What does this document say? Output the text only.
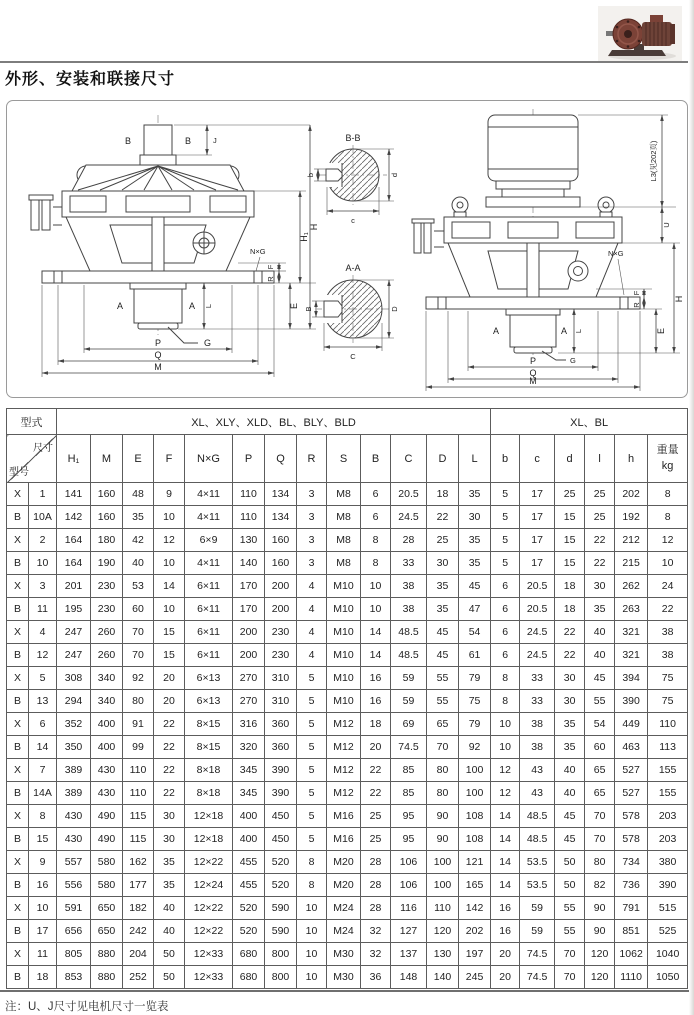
外形、安装和联接尺寸
B	B	J
A	A L
G
P
Q
M
N×G
F
R
E
H₁
H
B-B
b	d
c
A-A
B	D
C
A	A L
G
P
Q
M
L3(见202页)
U
H
N×G
F
R
E
型式		XL、XLY、XLD、BL、BLY、BLD													XL、BL					

尺寸
型号		H₁	M	E	F	N×G	P	Q	R	S	B	C	D	L	b	c	d	l	h	重量
kg

X	1	141	160	48	9	4×11	110	134	3	M8	6	20.5	18	35	5	17	25	25	202	8
B	10A	142	160	35	10	4×11	110	134	3	M8	6	24.5	22	30	5	17	15	25	192	8
X	2	164	180	42	12	6×9	130	160	3	M8	8	28	25	35	5	17	15	22	212	12
B	10	164	190	40	10	4×11	140	160	3	M8	8	33	30	35	5	17	15	22	215	10
X	3	201	230	53	14	6×11	170	200	4	M10	10	38	35	45	6	20.5	18	30	262	24
B	11	195	230	60	10	6×11	170	200	4	M10	10	38	35	47	6	20.5	18	35	263	22
X	4	247	260	70	15	6×11	200	230	4	M10	14	48.5	45	54	6	24.5	22	40	321	38
B	12	247	260	70	15	6×11	200	230	4	M10	14	48.5	45	61	6	24.5	22	40	321	38
X	5	308	340	92	20	6×13	270	310	5	M10	16	59	55	79	8	33	30	45	394	75
B	13	294	340	80	20	6×13	270	310	5	M10	16	59	55	75	8	33	30	55	390	75
X	6	352	400	91	22	8×15	316	360	5	M12	18	69	65	79	10	38	35	54	449	110
B	14	350	400	99	22	8×15	320	360	5	M12	20	74.5	70	92	10	38	35	60	463	113
X	7	389	430	110	22	8×18	345	390	5	M12	22	85	80	100	12	43	40	65	527	155
B	14A	389	430	110	22	8×18	345	390	5	M12	22	85	80	100	12	43	40	65	527	155
X	8	430	490	115	30	12×18	400	450	5	M16	25	95	90	108	14	48.5	45	70	578	203
B	15	430	490	115	30	12×18	400	450	5	M16	25	95	90	108	14	48.5	45	70	578	203
X	9	557	580	162	35	12×22	455	520	8	M20	28	106	100	121	14	53.5	50	80	734	380
B	16	556	580	177	35	12×24	455	520	8	M20	28	106	100	165	14	53.5	50	82	736	390
X	10	591	650	182	40	12×22	520	590	10	M24	28	116	110	142	16	59	55	90	791	515
B	17	656	650	242	40	12×22	520	590	10	M24	32	127	120	202	16	59	55	90	851	525
X	11	805	880	204	50	12×33	680	800	10	M30	32	137	130	197	20	74.5	70	120	1062	1040
B	18	853	880	252	50	12×33	680	800	10	M30	36	148	140	245	20	74.5	70	120	1110	1050
注：U、J尺寸见电机尺寸一览表
